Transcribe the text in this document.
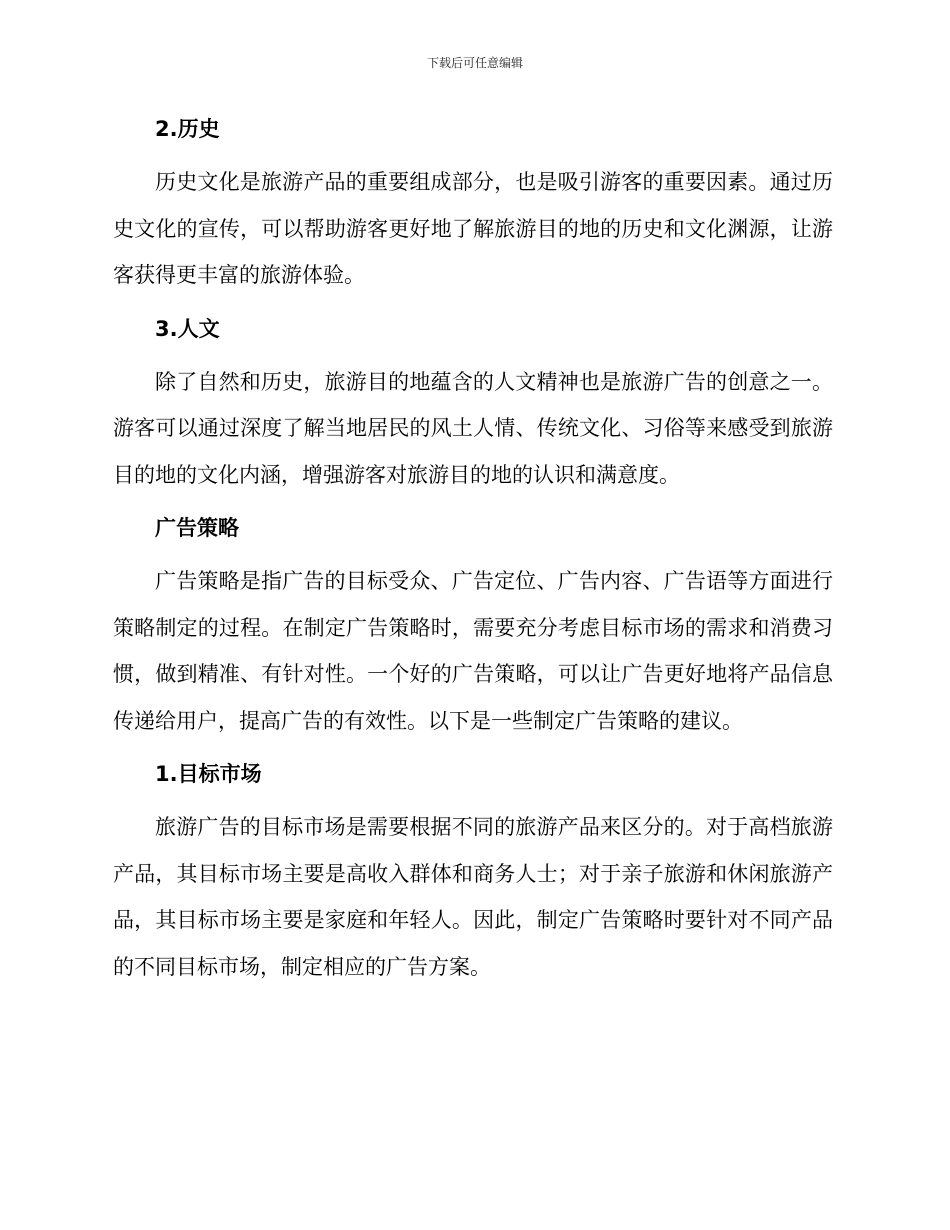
下载后可任意编辑
2.历史

历史文化是旅游产品的重要组成部分，也是吸引游客的重要因素。通过历史文化的宣传，可以帮助游客更好地了解旅游目的地的历史和文化渊源，让游客获得更丰富的旅游体验。

3.人文

除了自然和历史，旅游目的地蕴含的人文精神也是旅游广告的创意之一。游客可以通过深度了解当地居民的风土人情、传统文化、习俗等来感受到旅游目的地的文化内涵，增强游客对旅游目的地的认识和满意度。

广告策略

广告策略是指广告的目标受众、广告定位、广告内容、广告语等方面进行策略制定的过程。在制定广告策略时，需要充分考虑目标市场的需求和消费习惯，做到精准、有针对性。一个好的广告策略，可以让广告更好地将产品信息传递给用户，提高广告的有效性。以下是一些制定广告策略的建议。

1.目标市场

旅游广告的目标市场是需要根据不同的旅游产品来区分的。对于高档旅游产品，其目标市场主要是高收入群体和商务人士；对于亲子旅游和休闲旅游产品，其目标市场主要是家庭和年轻人。因此，制定广告策略时要针对不同产品的不同目标市场，制定相应的广告方案。
